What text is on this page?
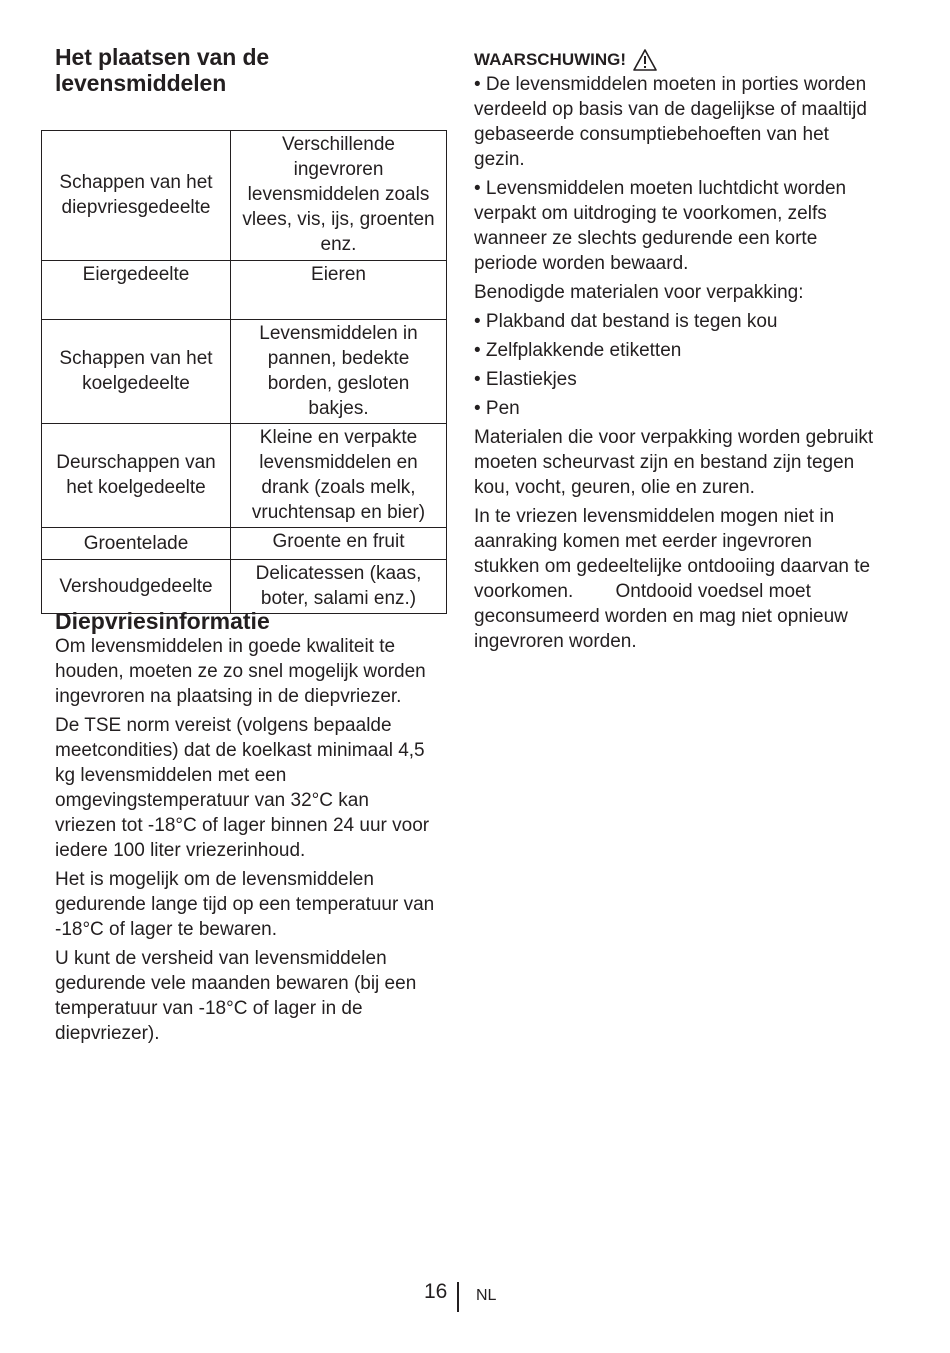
Het plaatsen van de levensmiddelen
Schappen van het diepvriesgedeelte	Verschillende ingevroren levensmiddelen zoals vlees, vis, ijs, groenten enz.
Eiergedeelte	Eieren
Schappen van het koelgedeelte	Levensmiddelen in pannen, bedekte borden, gesloten bakjes.
Deurschappen van het koelgedeelte	Kleine en verpakte levensmiddelen en drank (zoals melk, vruchtensap en bier)
Groentelade	Groente en fruit
Vershoudgedeelte	Delicatessen (kaas, boter, salami enz.)
Diepvriesinformatie

Om levensmiddelen in goede kwaliteit te houden, moeten ze zo snel mogelijk worden ingevroren na plaatsing in de diepvriezer.

De TSE norm vereist (volgens bepaalde meetcondities) dat de koelkast minimaal 4,5 kg levensmiddelen met een omgevingstemperatuur van 32°C kan vriezen tot -18°C of lager binnen 24 uur voor iedere 100 liter vriezerinhoud.

Het is mogelijk om de levensmiddelen gedurende lange tijd op een temperatuur van -18°C of lager te bewaren.

U kunt de versheid van levensmiddelen gedurende vele maanden bewaren (bij een temperatuur van -18°C of lager in de diepvriezer).

WAARSCHUWING!

• De levensmiddelen moeten in porties worden verdeeld op basis van de dagelijkse of maaltijd gebaseerde consumptiebehoeften van het gezin.

• Levensmiddelen moeten luchtdicht worden verpakt om uitdroging te voorkomen, zelfs wanneer ze slechts gedurende een korte periode worden bewaard.

Benodigde materialen voor verpakking:

• Plakband dat bestand is tegen kou

• Zelfplakkende etiketten

• Elastiekjes

• Pen

Materialen die voor verpakking worden gebruikt moeten scheurvast zijn en bestand zijn tegen kou, vocht, geuren, olie en zuren.

In te vriezen levensmiddelen mogen niet in aanraking komen met eerder ingevroren stukken om gedeeltelijke ontdooiing daarvan te voorkomen.        Ontdooid voedsel moet geconsumeerd worden en mag niet opnieuw ingevroren worden.

16 NL
